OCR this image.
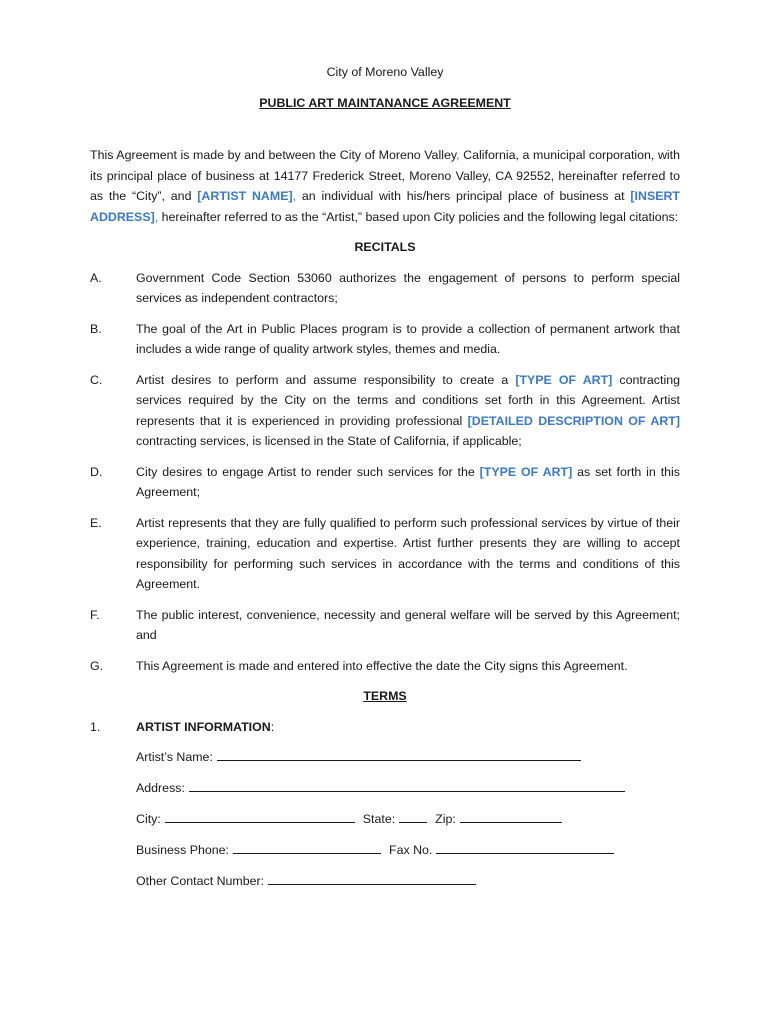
City of Moreno Valley
PUBLIC ART MAINTANANCE AGREEMENT
This Agreement is made by and between the City of Moreno Valley, California, a municipal corporation, with its principal place of business at 14177 Frederick Street, Moreno Valley, CA 92552, hereinafter referred to as the “City”, and [ARTIST NAME], an individual with his/hers principal place of business at [INSERT ADDRESS], hereinafter referred to as the “Artist,” based upon City policies and the following legal citations:
RECITALS
A.	Government Code Section 53060 authorizes the engagement of persons to perform special services as independent contractors;
B.	The goal of the Art in Public Places program is to provide a collection of permanent artwork that includes a wide range of quality artwork styles, themes and media.
C.	Artist desires to perform and assume responsibility to create a [TYPE OF ART] contracting services required by the City on the terms and conditions set forth in this Agreement. Artist represents that it is experienced in providing professional [DETAILED DESCRIPTION OF ART] contracting services, is licensed in the State of California, if applicable;
D.	City desires to engage Artist to render such services for the [TYPE OF ART] as set forth in this Agreement;
E.	Artist represents that they are fully qualified to perform such professional services by virtue of their experience, training, education and expertise. Artist further presents they are willing to accept responsibility for performing such services in accordance with the terms and conditions of this Agreement.
F.	The public interest, convenience, necessity and general welfare will be served by this Agreement; and
G.	This Agreement is made and entered into effective the date the City signs this Agreement.
TERMS
1.	ARTIST INFORMATION:
Artist’s Name:
Address:
City:	State:	Zip:
Business Phone:	Fax No.
Other Contact Number:
